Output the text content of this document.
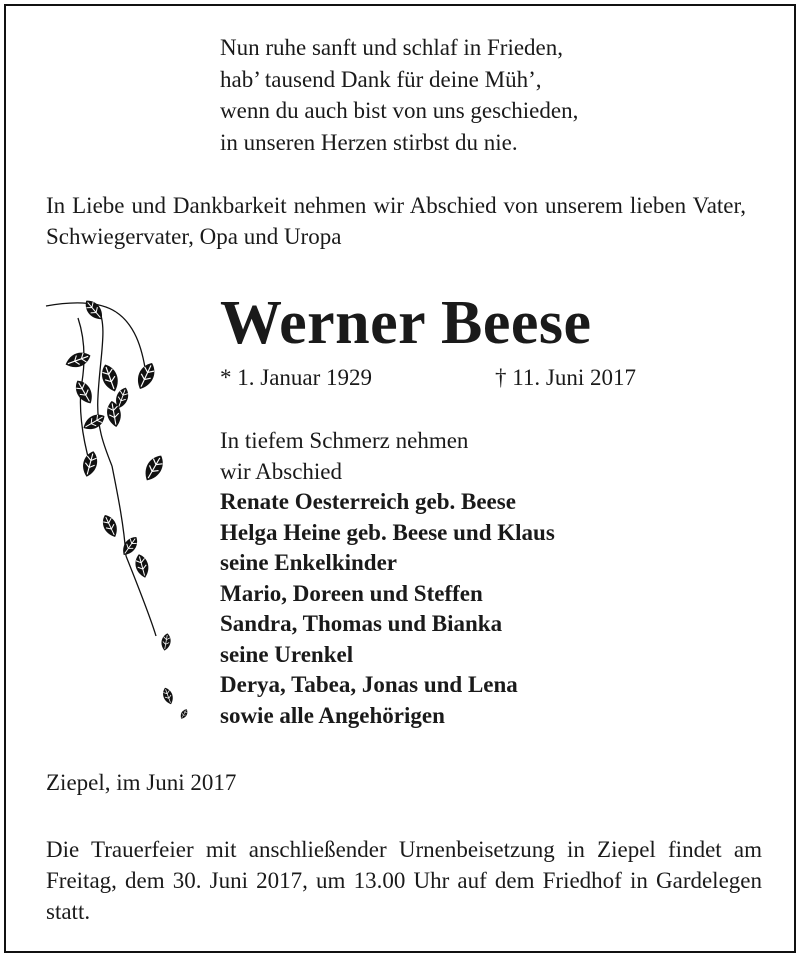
Nun ruhe sanft und schlaf in Frieden,
hab’ tausend Dank für deine Müh’,
wenn du auch bist von uns geschieden,
in unseren Herzen stirbst du nie.
In Liebe und Dankbarkeit nehmen wir Abschied von unserem lieben Vater, Schwiegervater, Opa und Uropa
Werner Beese
* 1. Januar 1929	† 11. Juni 2017
In tiefem Schmerz nehmen
wir Abschied
Renate Oesterreich geb. Beese
Helga Heine geb. Beese und Klaus
seine Enkelkinder
Mario, Doreen und Steffen
Sandra, Thomas und Bianka
seine Urenkel
Derya, Tabea, Jonas und Lena
sowie alle Angehörigen
Ziepel, im Juni 2017
Die Trauerfeier mit anschließender Urnenbeisetzung in Ziepel findet am Freitag, dem 30. Juni 2017, um 13.00 Uhr auf dem Friedhof in Gardelegen statt.
